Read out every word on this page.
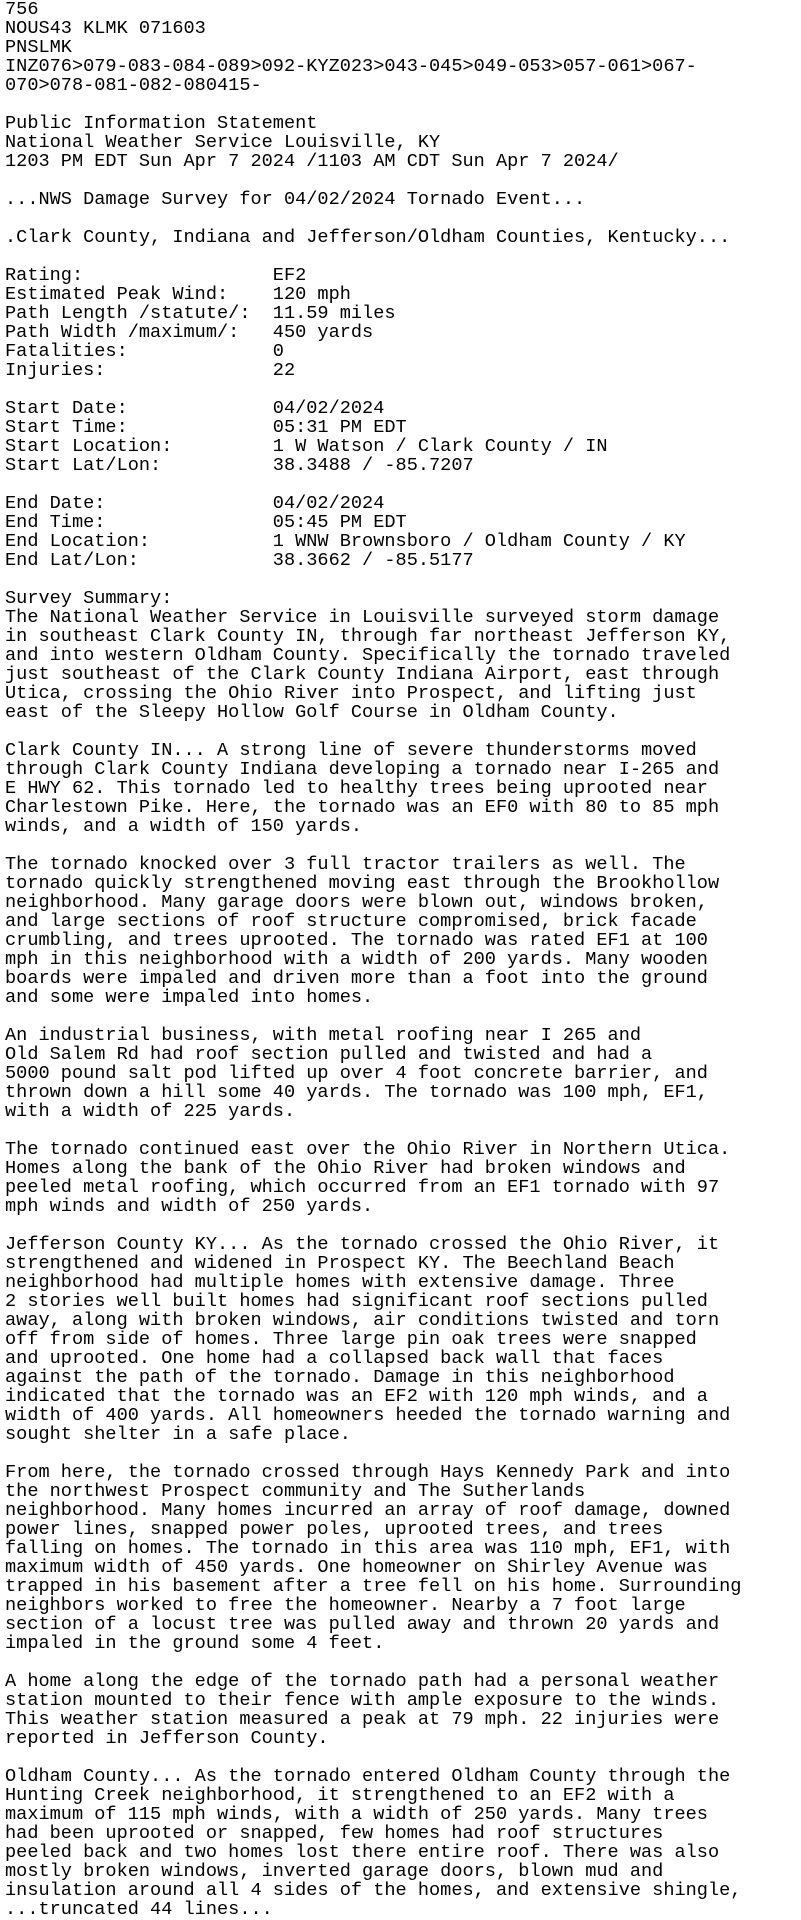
756
NOUS43 KLMK 071603
PNSLMK
INZ076>079-083-084-089>092-KYZ023>043-045>049-053>057-061>067-
070>078-081-082-080415-
Public Information Statement
National Weather Service Louisville, KY
1203 PM EDT Sun Apr 7 2024 /1103 AM CDT Sun Apr 7 2024/
...NWS Damage Survey for 04/02/2024 Tornado Event...
.Clark County, Indiana and Jefferson/Oldham Counties, Kentucky...
Rating:                 EF2
Estimated Peak Wind:    120 mph
Path Length /statute/:  11.59 miles
Path Width /maximum/:   450 yards
Fatalities:             0
Injuries:               22
Start Date:             04/02/2024
Start Time:             05:31 PM EDT
Start Location:         1 W Watson / Clark County / IN
Start Lat/Lon:          38.3488 / -85.7207
End Date:               04/02/2024
End Time:               05:45 PM EDT
End Location:           1 WNW Brownsboro / Oldham County / KY
End Lat/Lon:            38.3662 / -85.5177
Survey Summary:
The National Weather Service in Louisville surveyed storm damage
in southeast Clark County IN, through far northeast Jefferson KY,
and into western Oldham County. Specifically the tornado traveled
just southeast of the Clark County Indiana Airport, east through
Utica, crossing the Ohio River into Prospect, and lifting just
east of the Sleepy Hollow Golf Course in Oldham County.
Clark County IN... A strong line of severe thunderstorms moved
through Clark County Indiana developing a tornado near I-265 and
E HWY 62. This tornado led to healthy trees being uprooted near
Charlestown Pike. Here, the tornado was an EF0 with 80 to 85 mph
winds, and a width of 150 yards.
The tornado knocked over 3 full tractor trailers as well. The
tornado quickly strengthened moving east through the Brookhollow
neighborhood. Many garage doors were blown out, windows broken,
and large sections of roof structure compromised, brick facade
crumbling, and trees uprooted. The tornado was rated EF1 at 100
mph in this neighborhood with a width of 200 yards. Many wooden
boards were impaled and driven more than a foot into the ground
and some were impaled into homes.
An industrial business, with metal roofing near I 265 and
Old Salem Rd had roof section pulled and twisted and had a
5000 pound salt pod lifted up over 4 foot concrete barrier, and
thrown down a hill some 40 yards. The tornado was 100 mph, EF1,
with a width of 225 yards.
The tornado continued east over the Ohio River in Northern Utica.
Homes along the bank of the Ohio River had broken windows and
peeled metal roofing, which occurred from an EF1 tornado with 97
mph winds and width of 250 yards.
Jefferson County KY... As the tornado crossed the Ohio River, it
strengthened and widened in Prospect KY. The Beechland Beach
neighborhood had multiple homes with extensive damage. Three
2 stories well built homes had significant roof sections pulled
away, along with broken windows, air conditions twisted and torn
off from side of homes. Three large pin oak trees were snapped
and uprooted. One home had a collapsed back wall that faces
against the path of the tornado. Damage in this neighborhood
indicated that the tornado was an EF2 with 120 mph winds, and a
width of 400 yards. All homeowners heeded the tornado warning and
sought shelter in a safe place.
From here, the tornado crossed through Hays Kennedy Park and into
the northwest Prospect community and The Sutherlands
neighborhood. Many homes incurred an array of roof damage, downed
power lines, snapped power poles, uprooted trees, and trees
falling on homes. The tornado in this area was 110 mph, EF1, with
maximum width of 450 yards. One homeowner on Shirley Avenue was
trapped in his basement after a tree fell on his home. Surrounding
neighbors worked to free the homeowner. Nearby a 7 foot large
section of a locust tree was pulled away and thrown 20 yards and
impaled in the ground some 4 feet.
A home along the edge of the tornado path had a personal weather
station mounted to their fence with ample exposure to the winds.
This weather station measured a peak at 79 mph. 22 injuries were
reported in Jefferson County.
Oldham County... As the tornado entered Oldham County through the
Hunting Creek neighborhood, it strengthened to an EF2 with a
maximum of 115 mph winds, with a width of 250 yards. Many trees
had been uprooted or snapped, few homes had roof structures
peeled back and two homes lost there entire roof. There was also
mostly broken windows, inverted garage doors, blown mud and
insulation around all 4 sides of the homes, and extensive shingle,
...truncated 44 lines...
